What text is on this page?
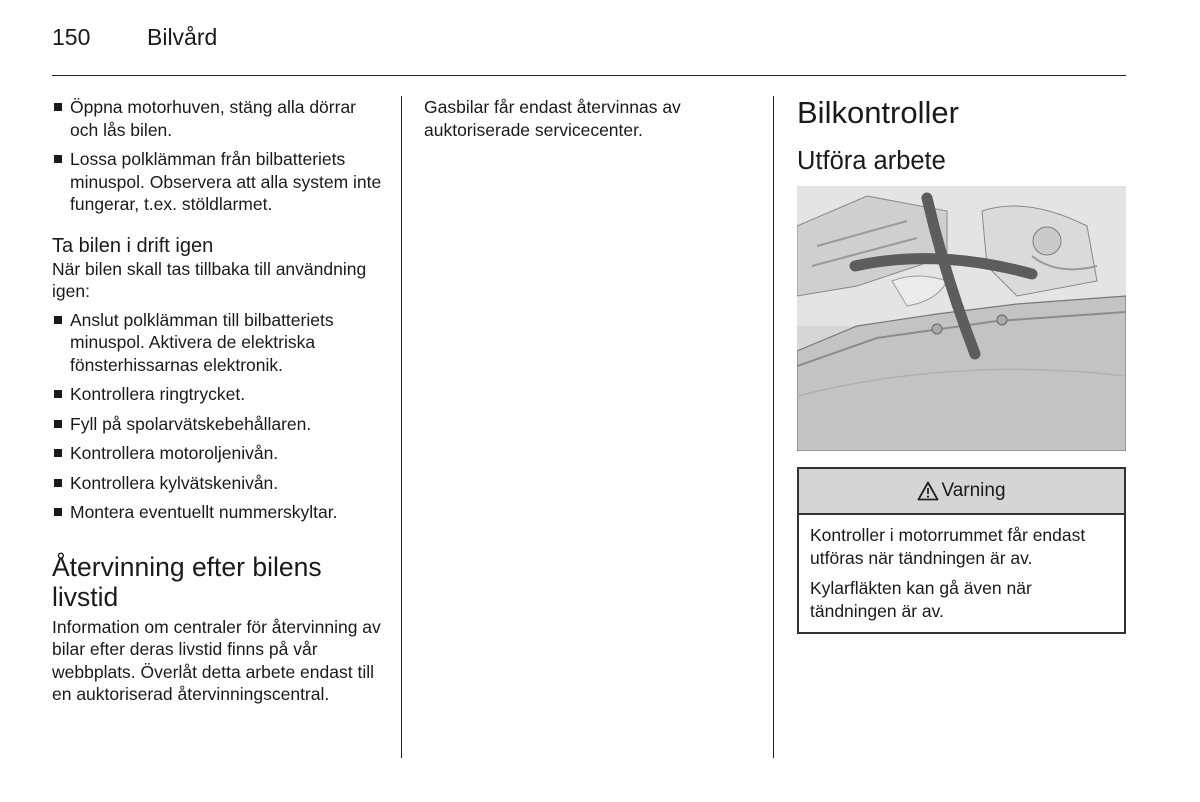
150	Bilvård
Öppna motorhuven, stäng alla dörrar och lås bilen.
Lossa polklämman från bilbatteriets minuspol. Observera att alla system inte fungerar, t.ex. stöldlarmet.
Ta bilen i drift igen

När bilen skall tas tillbaka till användning igen:

Anslut polklämman till bilbatteriets minuspol. Aktivera de elektriska fönsterhissarnas elektronik.
Kontrollera ringtrycket.
Fyll på spolarvätskebehållaren.
Kontrollera motoroljenivån.
Kontrollera kylvätskenivån.
Montera eventuellt nummerskyltar.
Återvinning efter bilens livstid

Information om centraler för återvinning av bilar efter deras livstid finns på vår webbplats. Överlåt detta arbete endast till en auktoriserad återvinningscentral.

Gasbilar får endast återvinnas av auktoriserade servicecenter.	Bilkontroller
Utföra arbete
Varning

Kontroller i motorrummet får endast utföras när tändningen är av.

Kylarfläkten kan gå även när tändningen är av.
